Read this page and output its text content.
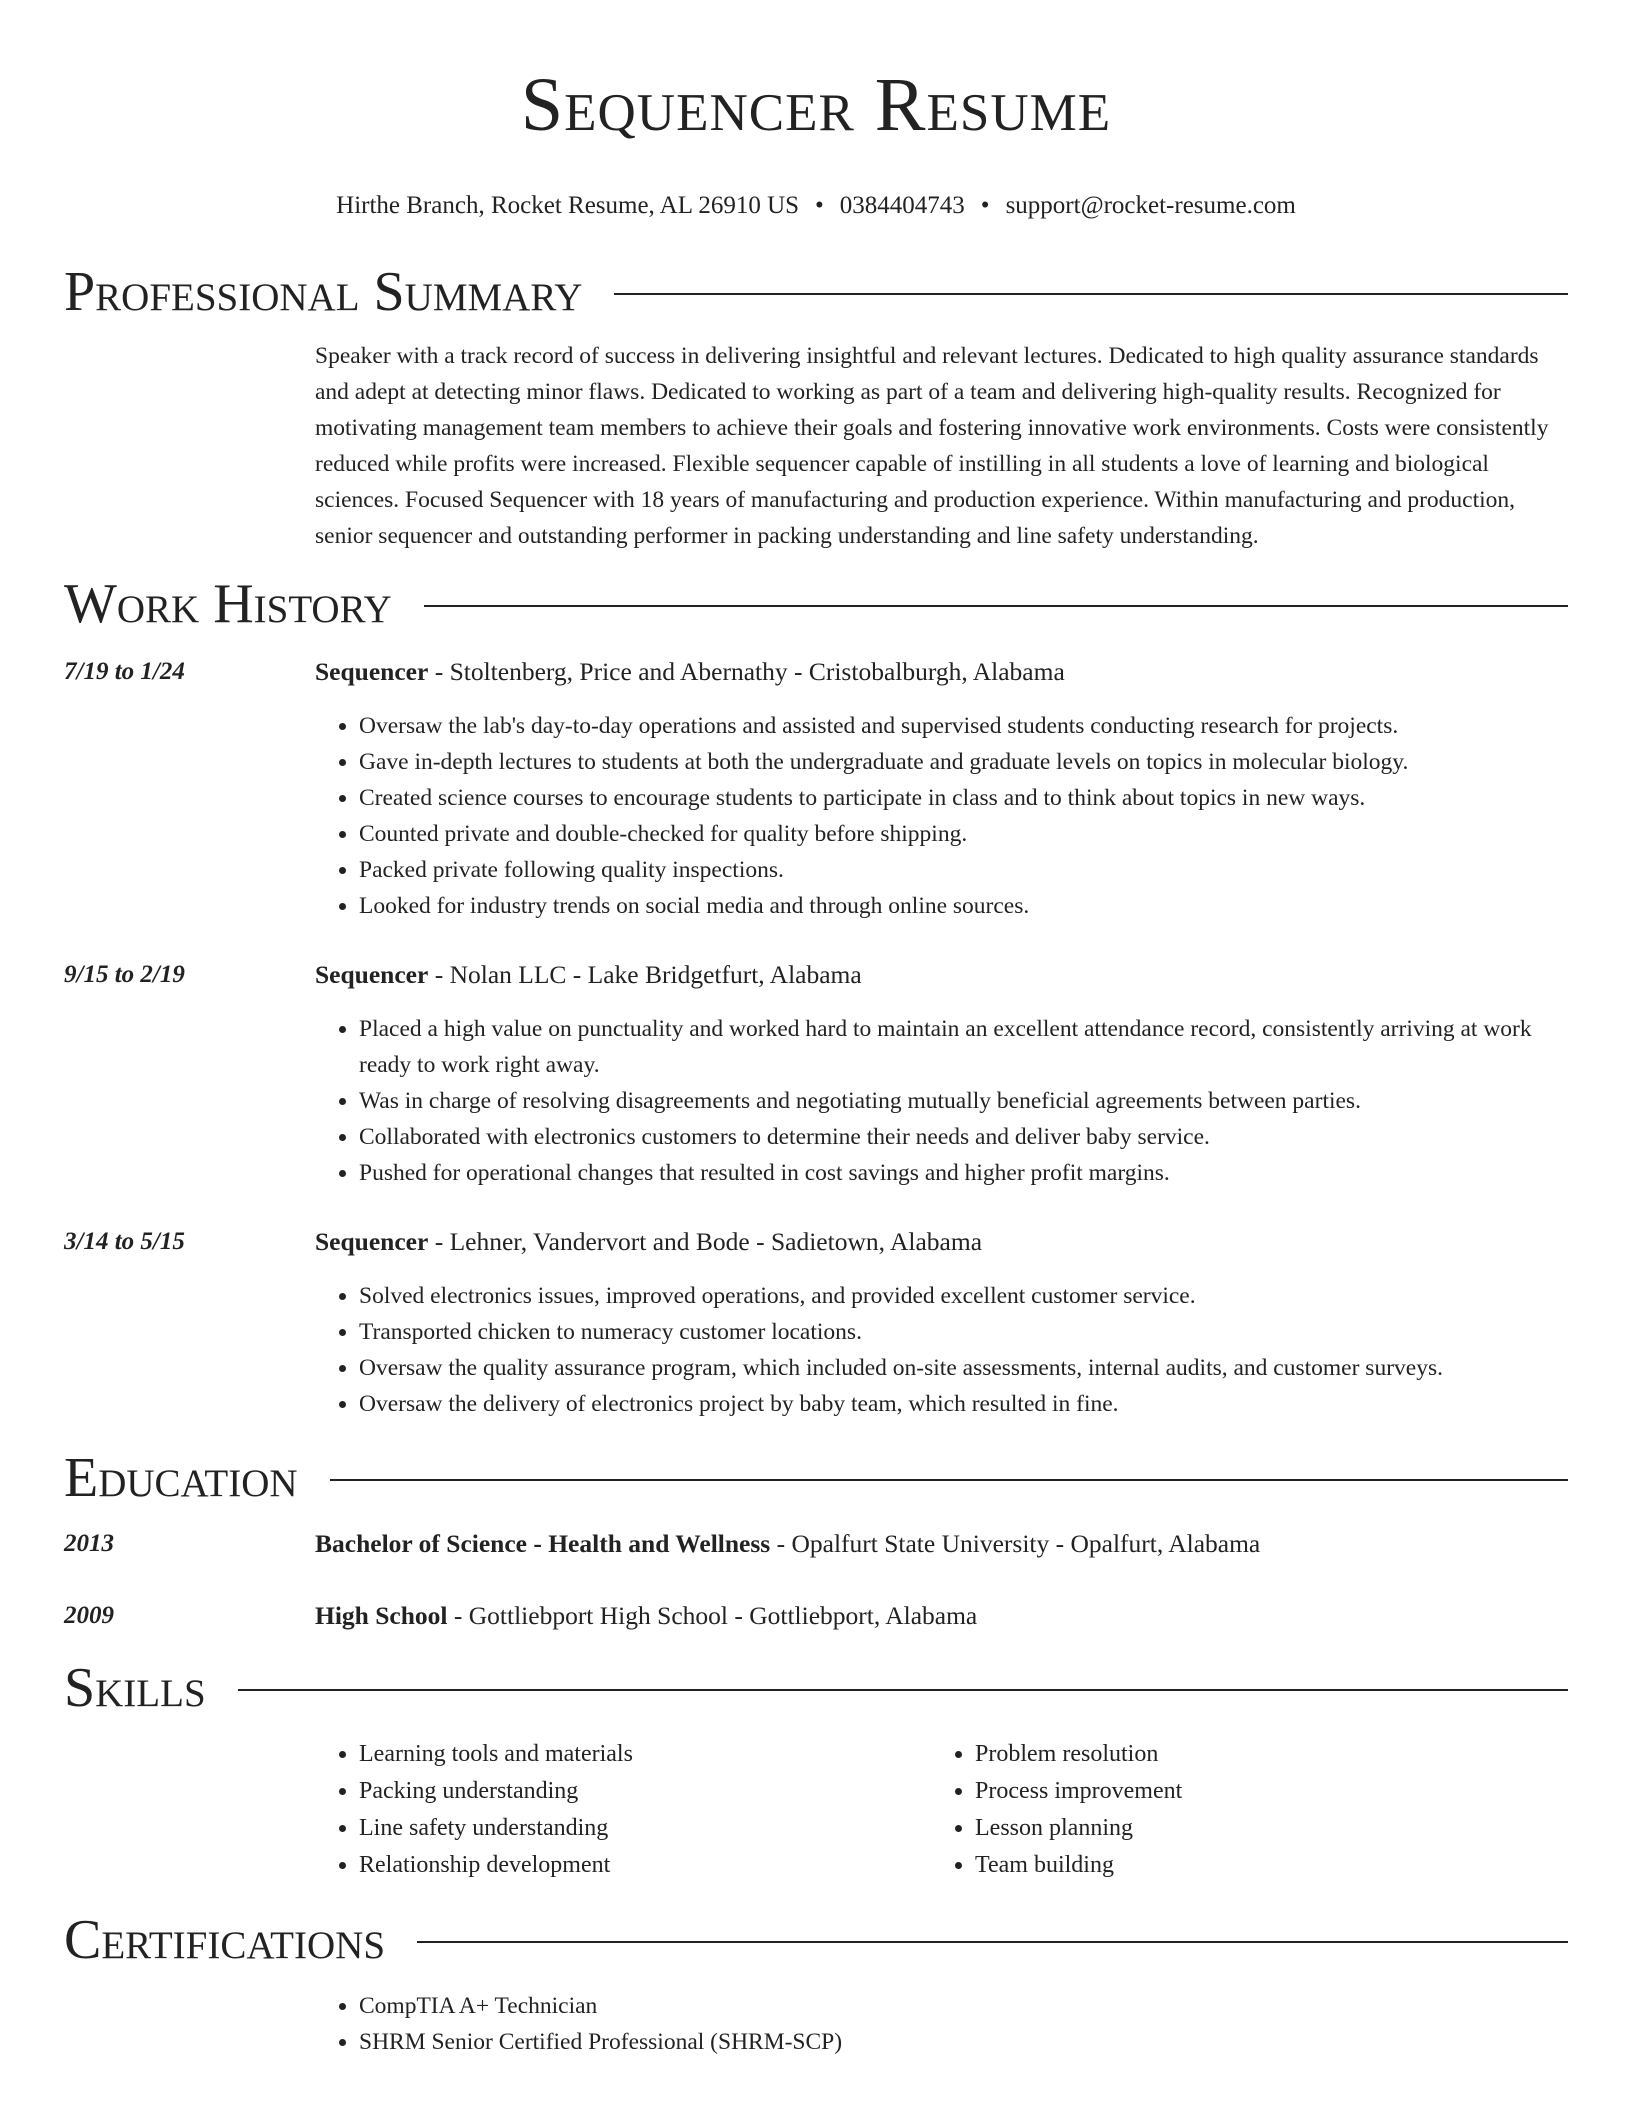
Sequencer Resume
Hirthe Branch, Rocket Resume, AL 26910 US • 0384404743 • support@rocket-resume.com
Professional Summary
Speaker with a track record of success in delivering insightful and relevant lectures. Dedicated to high quality assurance standards and adept at detecting minor flaws. Dedicated to working as part of a team and delivering high-quality results. Recognized for motivating management team members to achieve their goals and fostering innovative work environments. Costs were consistently reduced while profits were increased. Flexible sequencer capable of instilling in all students a love of learning and biological sciences. Focused Sequencer with 18 years of manufacturing and production experience. Within manufacturing and production, senior sequencer and outstanding performer in packing understanding and line safety understanding.
Work History
7/19 to 1/24	Sequencer - Stoltenberg, Price and Abernathy - Cristobalburgh, Alabama
• Oversaw the lab's day-to-day operations and assisted and supervised students conducting research for projects.
• Gave in-depth lectures to students at both the undergraduate and graduate levels on topics in molecular biology.
• Created science courses to encourage students to participate in class and to think about topics in new ways.
• Counted private and double-checked for quality before shipping.
• Packed private following quality inspections.
• Looked for industry trends on social media and through online sources.
9/15 to 2/19	Sequencer - Nolan LLC - Lake Bridgetfurt, Alabama
• Placed a high value on punctuality and worked hard to maintain an excellent attendance record, consistently arriving at work ready to work right away.
• Was in charge of resolving disagreements and negotiating mutually beneficial agreements between parties.
• Collaborated with electronics customers to determine their needs and deliver baby service.
• Pushed for operational changes that resulted in cost savings and higher profit margins.
3/14 to 5/15	Sequencer - Lehner, Vandervort and Bode - Sadietown, Alabama
• Solved electronics issues, improved operations, and provided excellent customer service.
• Transported chicken to numeracy customer locations.
• Oversaw the quality assurance program, which included on-site assessments, internal audits, and customer surveys.
• Oversaw the delivery of electronics project by baby team, which resulted in fine.
Education
2013	Bachelor of Science - Health and Wellness - Opalfurt State University - Opalfurt, Alabama
2009	High School - Gottliebport High School - Gottliebport, Alabama
Skills
• Learning tools and materials
• Packing understanding
• Line safety understanding
• Relationship development
• Problem resolution
• Process improvement
• Lesson planning
• Team building
Certifications
• CompTIA A+ Technician
• SHRM Senior Certified Professional (SHRM-SCP)
